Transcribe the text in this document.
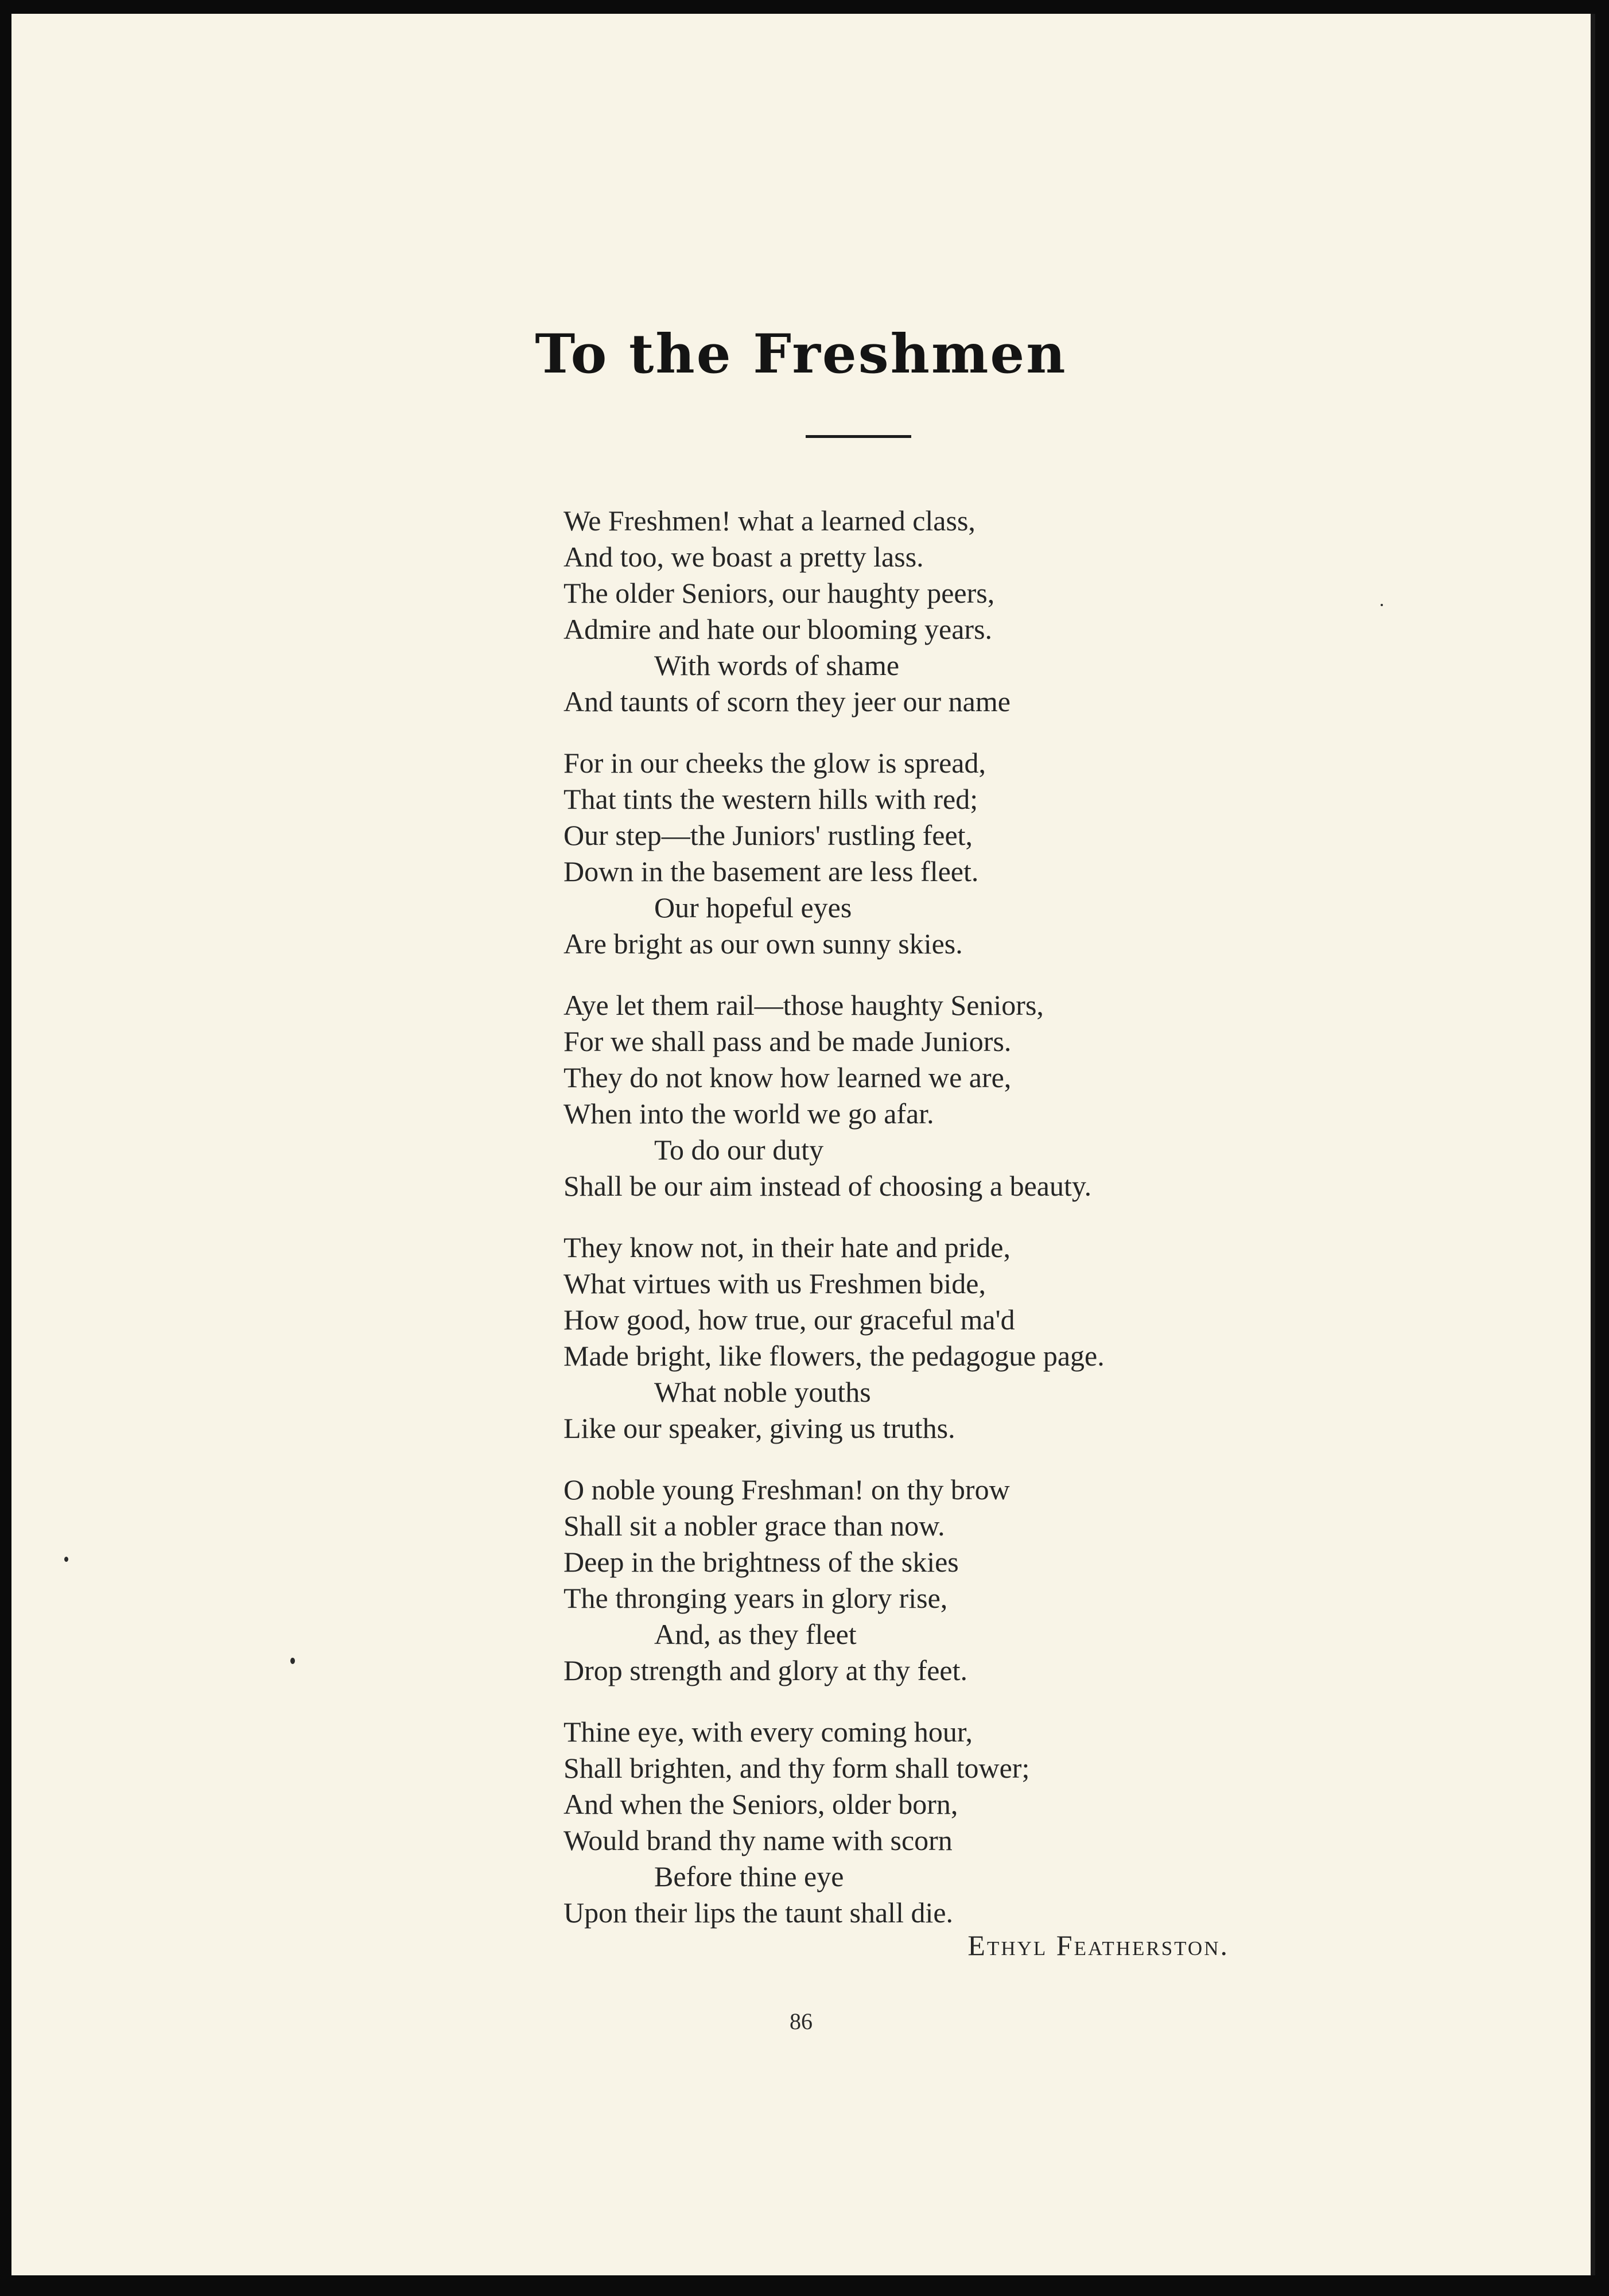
To the Freshmen
We Freshmen! what a learned class,
And too, we boast a pretty lass.
The older Seniors, our haughty peers,
Admire and hate our blooming years.
With words of shame
And taunts of scorn they jeer our name
For in our cheeks the glow is spread,
That tints the western hills with red;
Our step—the Juniors' rustling feet,
Down in the basement are less fleet.
Our hopeful eyes
Are bright as our own sunny skies.
Aye let them rail—those haughty Seniors,
For we shall pass and be made Juniors.
They do not know how learned we are,
When into the world we go afar.
To do our duty
Shall be our aim instead of choosing a beauty.
They know not, in their hate and pride,
What virtues with us Freshmen bide,
How good, how true, our graceful ma'd
Made bright, like flowers, the pedagogue page.
What noble youths
Like our speaker, giving us truths.
O noble young Freshman! on thy brow
Shall sit a nobler grace than now.
Deep in the brightness of the skies
The thronging years in glory rise,
And, as they fleet
Drop strength and glory at thy feet.
Thine eye, with every coming hour,
Shall brighten, and thy form shall tower;
And when the Seniors, older born,
Would brand thy name with scorn
Before thine eye
Upon their lips the taunt shall die.
Ethyl Featherston.
86
